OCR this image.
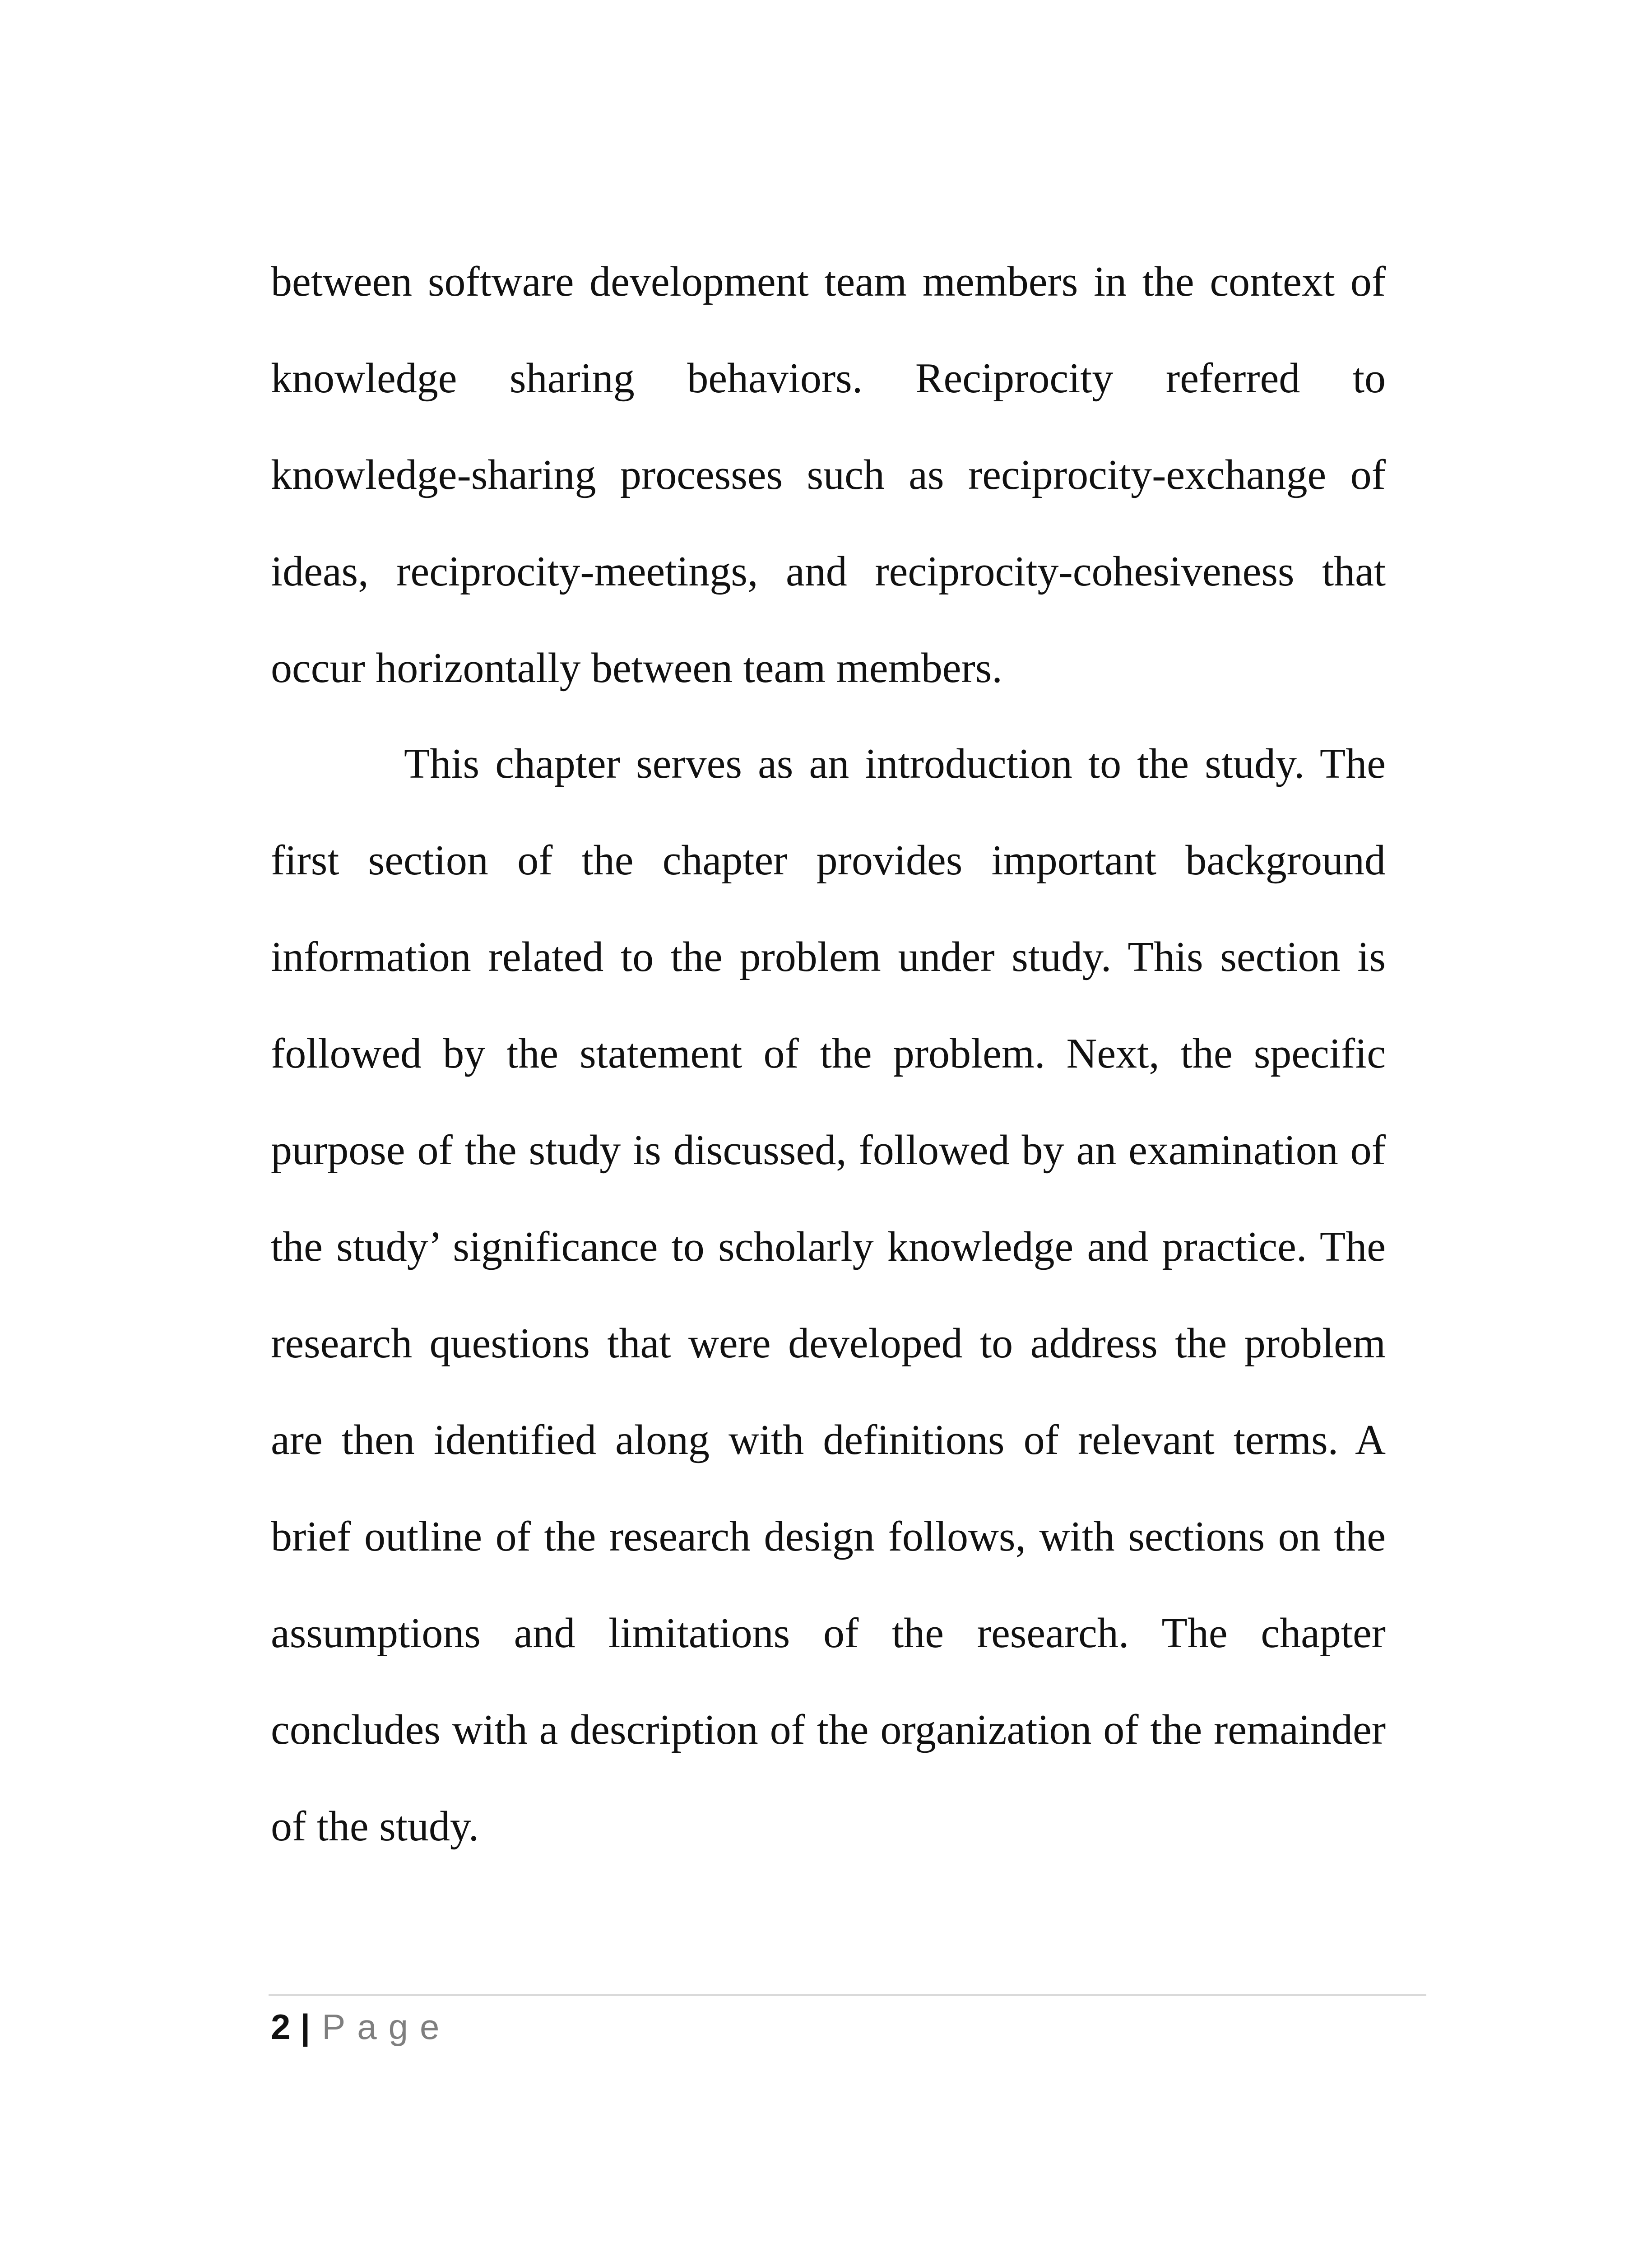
between software development team members in the context of knowledge sharing behaviors. Reciprocity referred to knowledge-sharing processes such as reciprocity-exchange of ideas, reciprocity-meetings, and reciprocity-cohesiveness that occur horizontally between team members.

This chapter serves as an introduction to the study. The first section of the chapter provides important background information related to the problem under study. This section is followed by the statement of the problem. Next, the specific purpose of the study is discussed, followed by an examination of the study’ significance to scholarly knowledge and practice. The research questions that were developed to address the problem are then identified along with definitions of relevant terms. A brief outline of the research design follows, with sections on the assumptions and limitations of the research. The chapter concludes with a description of the organization of the remainder of the study.

2 | Page
